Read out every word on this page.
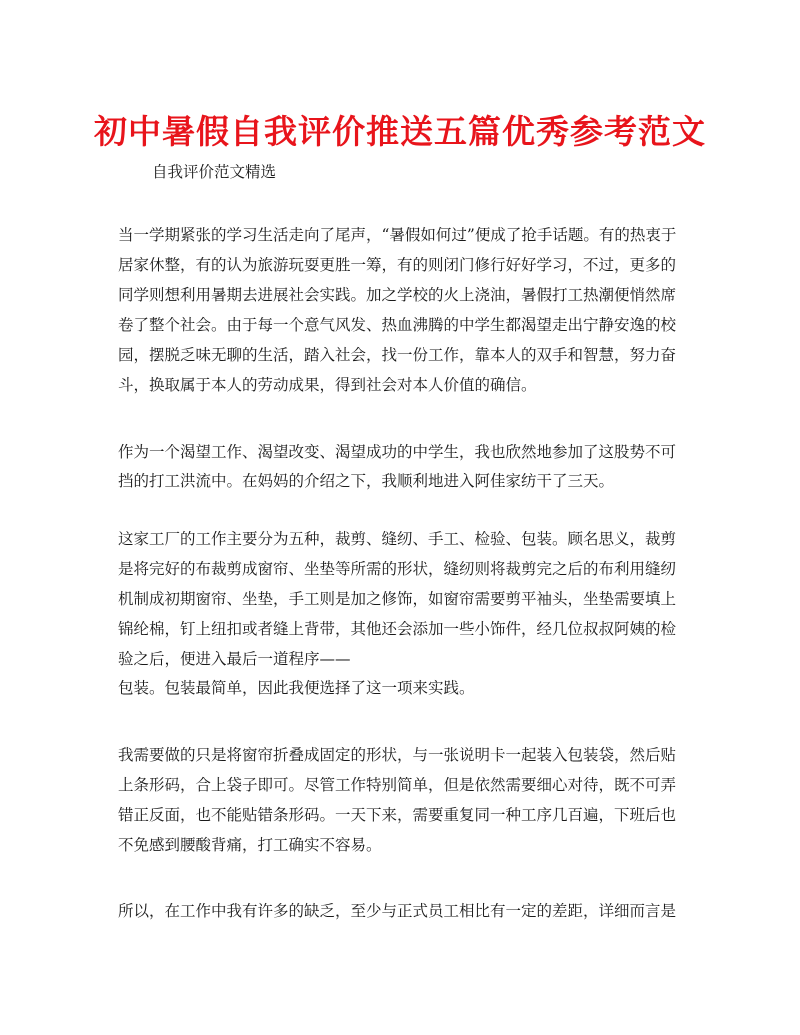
初中暑假自我评价推送五篇优秀参考范文
自我评价范文精选
当一学期紧张的学习生活走向了尾声，“暑假如何过”便成了抢手话题。有的热衷于
居家休整，有的认为旅游玩耍更胜一筹，有的则闭门修行好好学习，不过，更多的
同学则想利用暑期去进展社会实践。加之学校的火上浇油，暑假打工热潮便悄然席
卷了整个社会。由于每一个意气风发、热血沸腾的中学生都渴望走出宁静安逸的校
园，摆脱乏味无聊的生活，踏入社会，找一份工作，靠本人的双手和智慧，努力奋
斗，换取属于本人的劳动成果，得到社会对本人价值的确信。
作为一个渴望工作、渴望改变、渴望成功的中学生，我也欣然地参加了这股势不可
挡的打工洪流中。在妈妈的介绍之下，我顺利地进入阿佳家纺干了三天。
这家工厂的工作主要分为五种，裁剪、缝纫、手工、检验、包装。顾名思义，裁剪
是将完好的布裁剪成窗帘、坐垫等所需的形状，缝纫则将裁剪完之后的布利用缝纫
机制成初期窗帘、坐垫，手工则是加之修饰，如窗帘需要剪平袖头，坐垫需要填上
锦纶棉，钉上纽扣或者缝上背带，其他还会添加一些小饰件，经几位叔叔阿姨的检
验之后，便进入最后一道程序——
包装。包装最简单，因此我便选择了这一项来实践。
我需要做的只是将窗帘折叠成固定的形状，与一张说明卡一起装入包装袋，然后贴
上条形码，合上袋子即可。尽管工作特别简单，但是依然需要细心对待，既不可弄
错正反面，也不能贴错条形码。一天下来，需要重复同一种工序几百遍，下班后也
不免感到腰酸背痛，打工确实不容易。
所以，在工作中我有许多的缺乏，至少与正式员工相比有一定的差距，详细而言是
